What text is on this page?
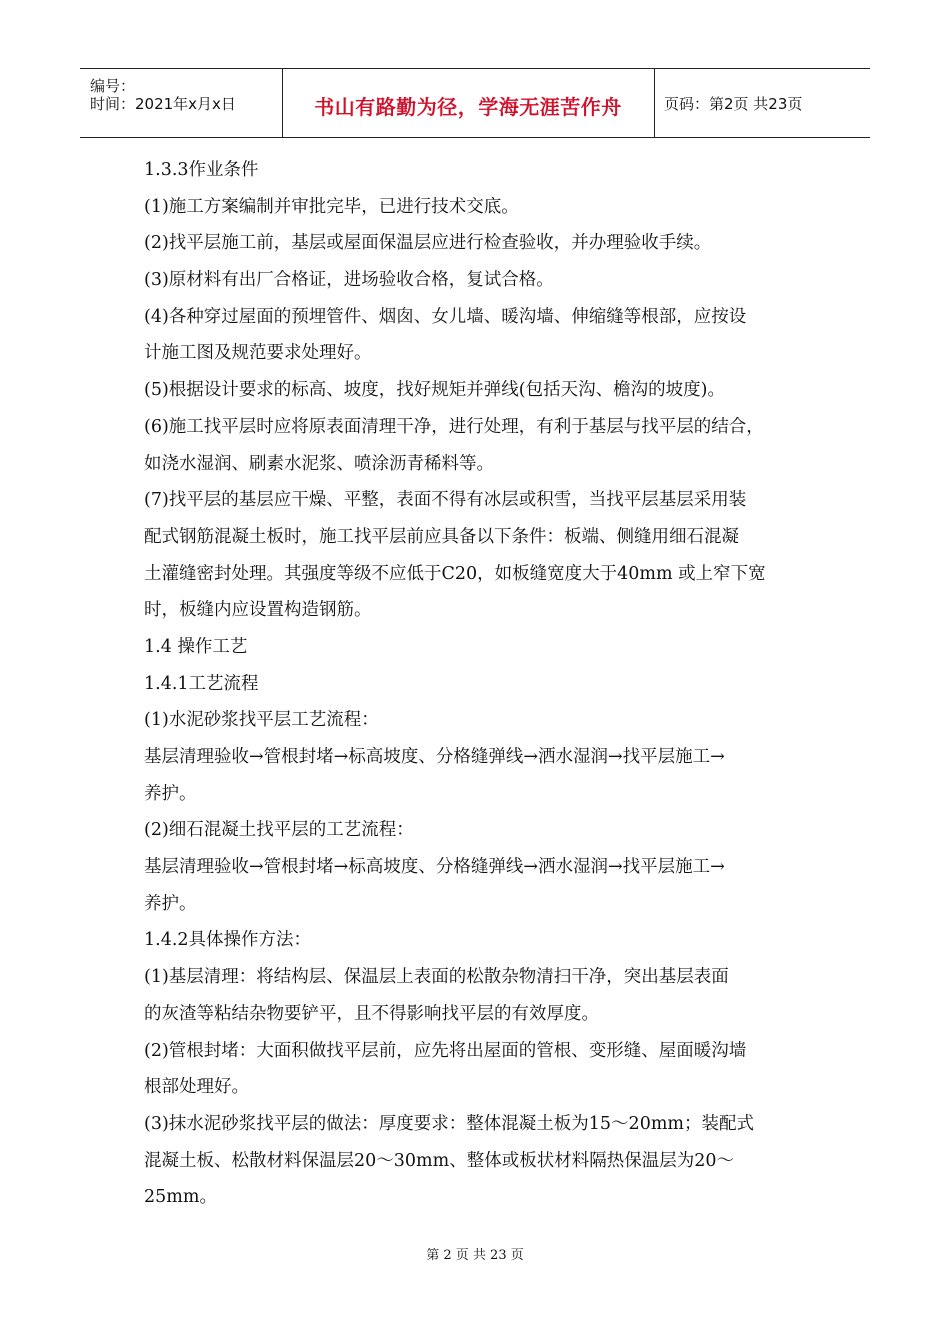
编号：
时间：2021年x月x日	书山有路勤为径，学海无涯苦作舟	页码：第2页 共23页
1.3.3作业条件
(1)施工方案编制并审批完毕，已进行技术交底。
(2)找平层施工前，基层或屋面保温层应进行检查验收，并办理验收手续。
(3)原材料有出厂合格证，进场验收合格，复试合格。
(4)各种穿过屋面的预埋管件、烟囱、女儿墙、暖沟墙、伸缩缝等根部，应按设
计施工图及规范要求处理好。
(5)根据设计要求的标高、坡度，找好规矩并弹线(包括天沟、檐沟的坡度)。
(6)施工找平层时应将原表面清理干净，进行处理，有利于基层与找平层的结合，
如浇水湿润、刷素水泥浆、喷涂沥青稀料等。
(7)找平层的基层应干燥、平整，表面不得有冰层或积雪，当找平层基层采用装
配式钢筋混凝土板时，施工找平层前应具备以下条件：板端、侧缝用细石混凝
土灌缝密封处理。其强度等级不应低于C20，如板缝宽度大于40mm 或上窄下宽
时，板缝内应设置构造钢筋。
1.4 操作工艺
1.4.1工艺流程
(1)水泥砂浆找平层工艺流程：
基层清理验收→管根封堵→标高坡度、分格缝弹线→洒水湿润→找平层施工→
养护。
(2)细石混凝土找平层的工艺流程：
基层清理验收→管根封堵→标高坡度、分格缝弹线→洒水湿润→找平层施工→
养护。
1.4.2具体操作方法：
(1)基层清理：将结构层、保温层上表面的松散杂物清扫干净，突出基层表面
的灰渣等粘结杂物要铲平，且不得影响找平层的有效厚度。
(2)管根封堵：大面积做找平层前，应先将出屋面的管根、变形缝、屋面暖沟墙
根部处理好。
(3)抹水泥砂浆找平层的做法：厚度要求：整体混凝土板为15～20mm；装配式
混凝土板、松散材料保温层20～30mm、整体或板状材料隔热保温层为20～
25mm。
第 2 页 共 23 页
